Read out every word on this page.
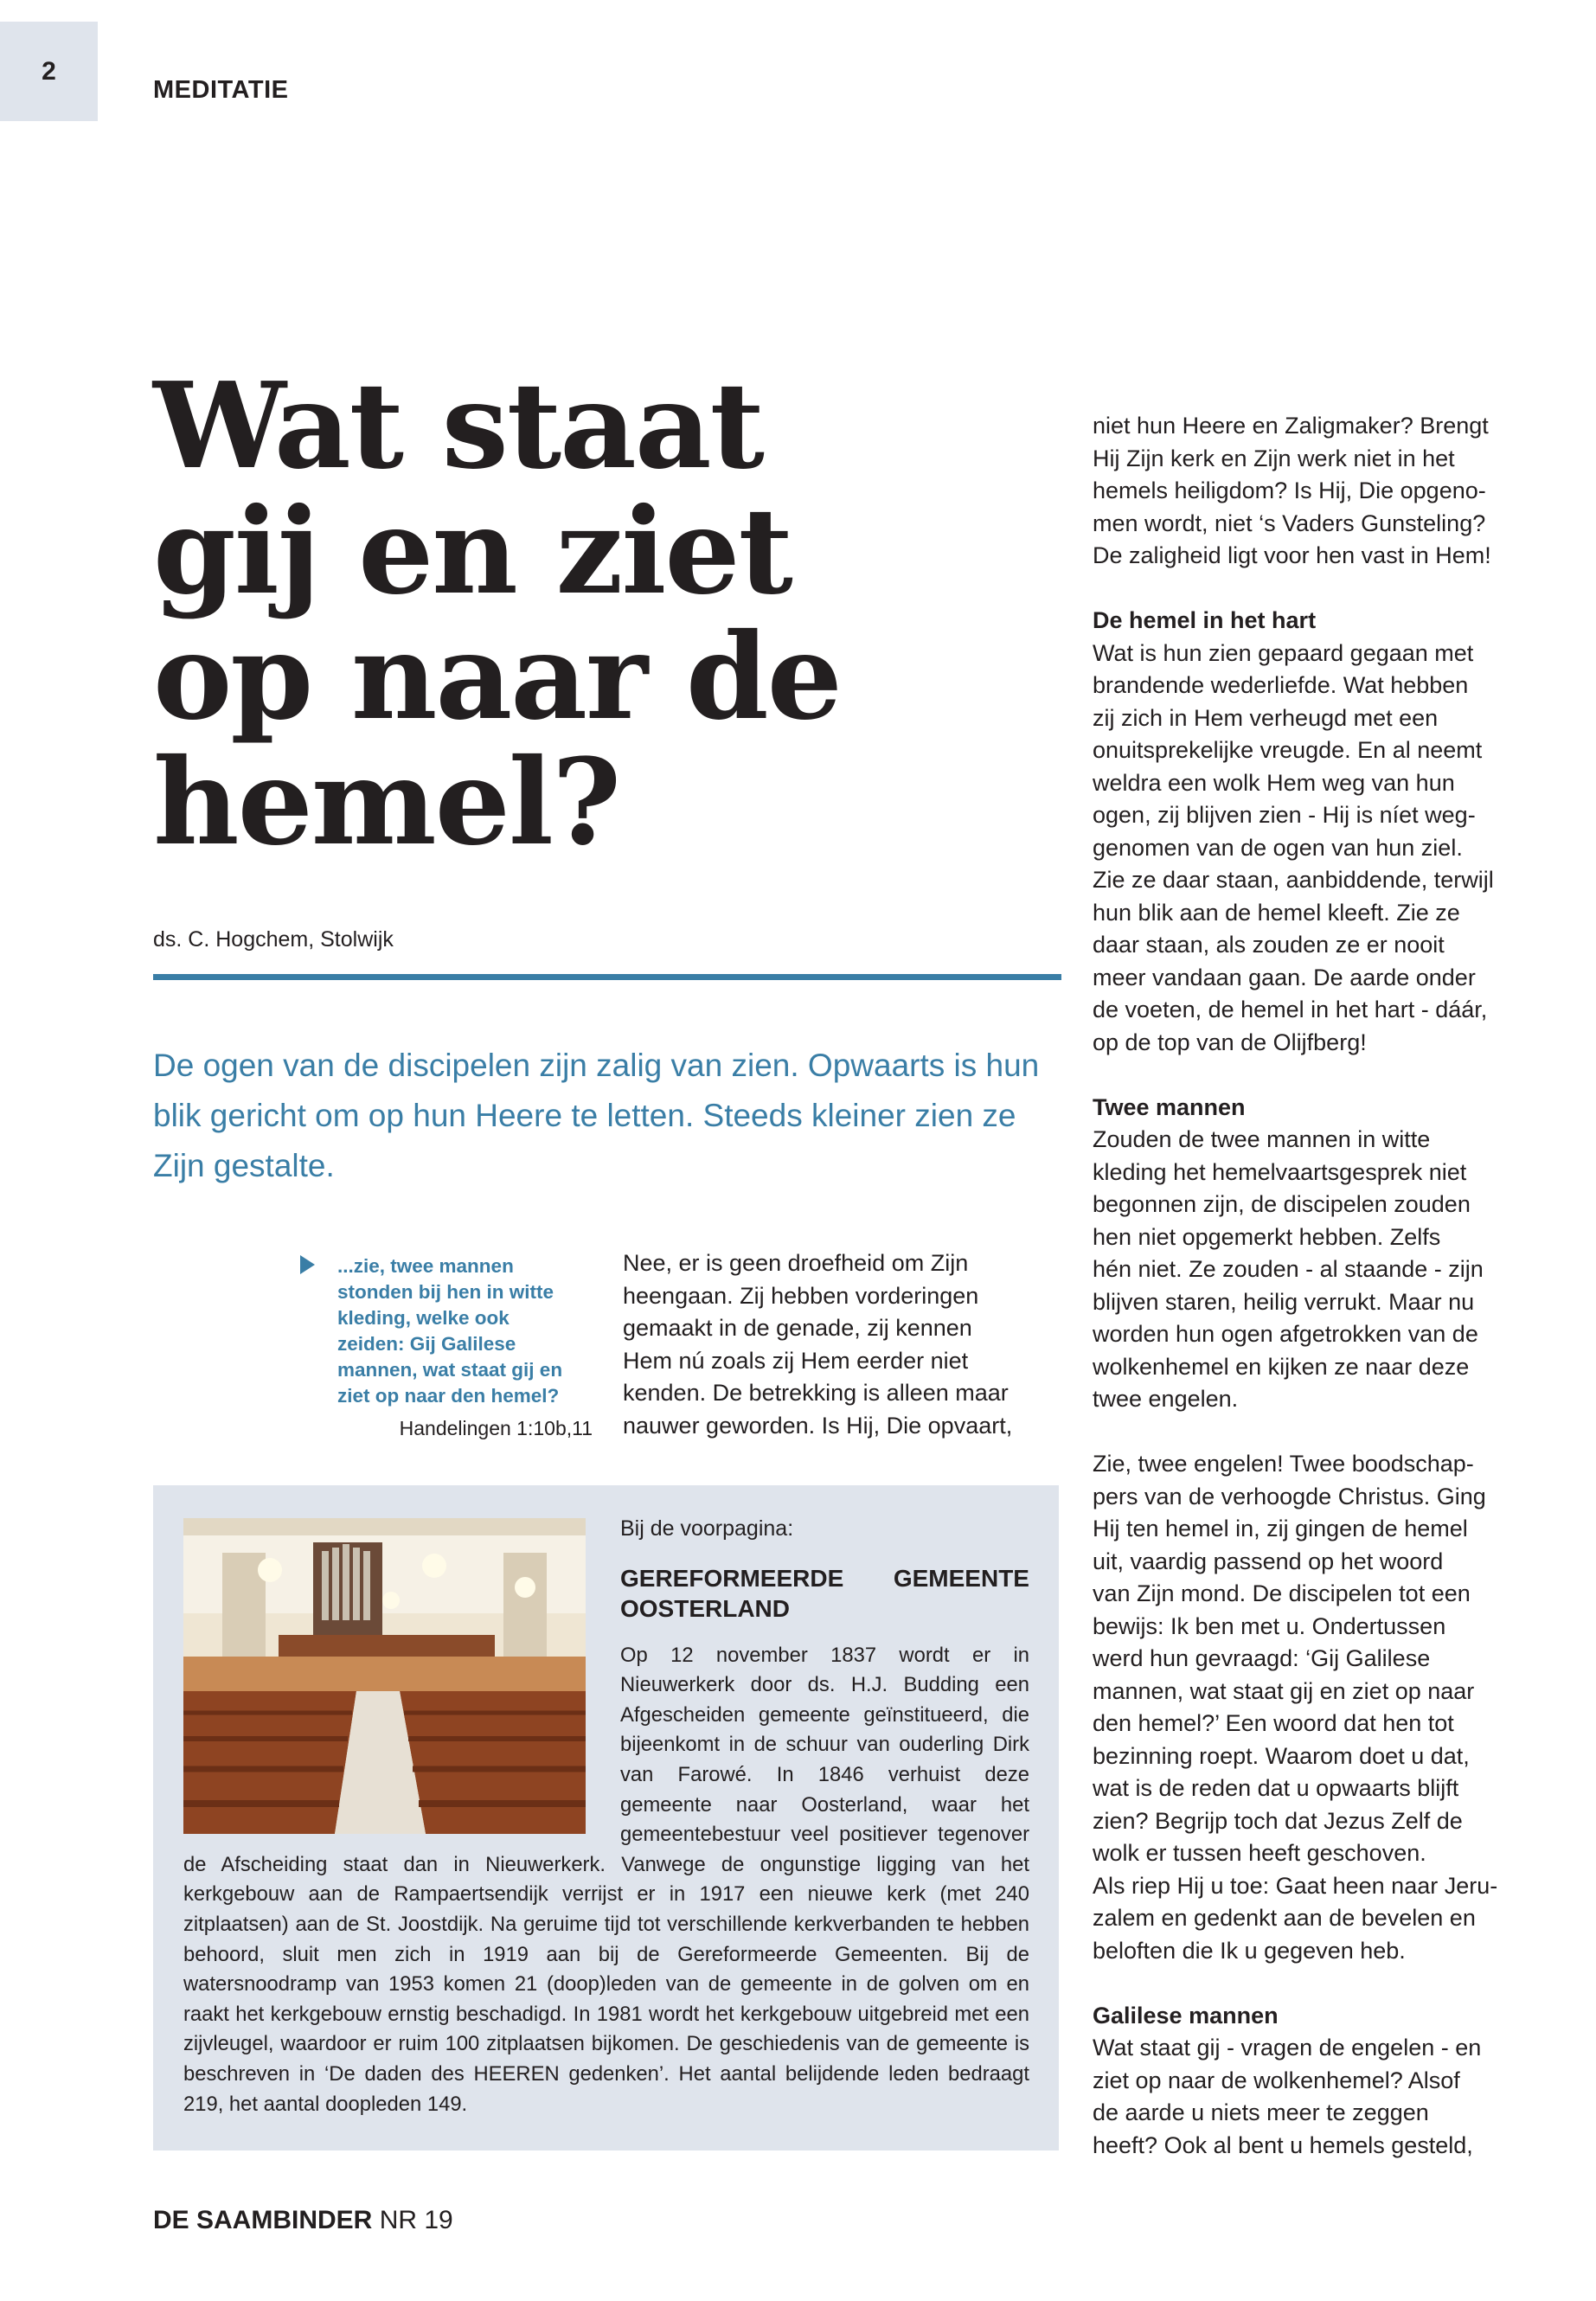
2
MEDITATIE
Wat staat
gij en ziet
op naar de
hemel?
ds. C. Hogchem, Stolwijk
De ogen van de discipelen zijn zalig van zien. Opwaarts is hun blik gericht om op hun Heere te letten. Steeds kleiner zien ze Zijn gestalte.
...zie, twee mannen
stonden bij hen in witte
kleding, welke ook
zeiden: Gij Galilese
mannen, wat staat gij en
ziet op naar den hemel?
Handelingen 1:10b,11
Nee, er is geen droefheid om Zijn
heengaan. Zij hebben vorderingen
gemaakt in de genade, zij kennen
Hem nú zoals zij Hem eerder niet
kenden. De betrekking is alleen maar
nauwer geworden. Is Hij, Die opvaart,

niet hun Heere en Zaligmaker? Brengt
Hij Zijn kerk en Zijn werk niet in het
hemels heiligdom? Is Hij, Die opgeno-
men wordt, niet ‘s Vaders Gunsteling?
De zaligheid ligt voor hen vast in Hem!

De hemel in het hart
Wat is hun zien gepaard gegaan met
brandende wederliefde. Wat hebben
zij zich in Hem verheugd met een
onuitsprekelijke vreugde. En al neemt
weldra een wolk Hem weg van hun
ogen, zij blijven zien - Hij is níet weg-
genomen van de ogen van hun ziel.
Zie ze daar staan, aanbiddende, terwijl
hun blik aan de hemel kleeft. Zie ze
daar staan, als zouden ze er nooit
meer vandaan gaan. De aarde onder
de voeten, de hemel in het hart - dáár,
op de top van de Olijfberg!

Twee mannen
Zouden de twee mannen in witte
kleding het hemelvaartsgesprek niet
begonnen zijn, de discipelen zouden
hen niet opgemerkt hebben. Zelfs
hén niet. Ze zouden - al staande - zijn
blijven staren, heilig verrukt. Maar nu
worden hun ogen afgetrokken van de
wolkenhemel en kijken ze naar deze
twee engelen.

Zie, twee engelen! Twee boodschap-
pers van de verhoogde Christus. Ging
Hij ten hemel in, zij gingen de hemel
uit, vaardig passend op het woord
van Zijn mond. De discipelen tot een
bewijs: Ik ben met u. Ondertussen
werd hun gevraagd: ‘Gij Galilese
mannen, wat staat gij en ziet op naar
den hemel?’ Een woord dat hen tot
bezinning roept. Waarom doet u dat,
wat is de reden dat u opwaarts blijft
zien? Begrijp toch dat Jezus Zelf de
wolk er tussen heeft geschoven.
Als riep Hij u toe: Gaat heen naar Jeru-
zalem en gedenkt aan de bevelen en
beloften die Ik u gegeven heb.

Galilese mannen
Wat staat gij - vragen de engelen - en
ziet op naar de wolkenhemel? Alsof
de aarde u niets meer te zeggen
heeft? Ook al bent u hemels gesteld,

Bij de voorpagina:
GEREFORMEERDE GEMEENTE OOSTERLAND
Op 12 november 1837 wordt er in Nieuwerkerk door ds. H.J. Budding een Afgescheiden gemeente geïnstitueerd, die bijeenkomt in de schuur van ouderling Dirk van Farowé. In 1846 verhuist deze gemeente naar Oosterland, waar het gemeentebestuur veel positiever tegenover de Afscheiding staat dan in Nieuwerkerk. Vanwege de ongunstige ligging van het kerkgebouw aan de Rampaertsendijk verrijst er in 1917 een nieuwe kerk (met 240 zitplaatsen) aan de St. Joostdijk. Na geruime tijd tot verschillende kerkverbanden te hebben behoord, sluit men zich in 1919 aan bij de Gereformeerde Gemeenten. Bij de watersnoodramp van 1953 komen 21 (doop)leden van de gemeente in de golven om en raakt het kerkgebouw ernstig beschadigd. In 1981 wordt het kerkgebouw uitgebreid met een zijvleugel, waardoor er ruim 100 zitplaatsen bijkomen. De geschiedenis van de gemeente is beschreven in ‘De daden des HEEREN gedenken’. Het aantal belijdende leden bedraagt 219, het aantal doopleden 149.
DE SAAMBINDER NR 19
